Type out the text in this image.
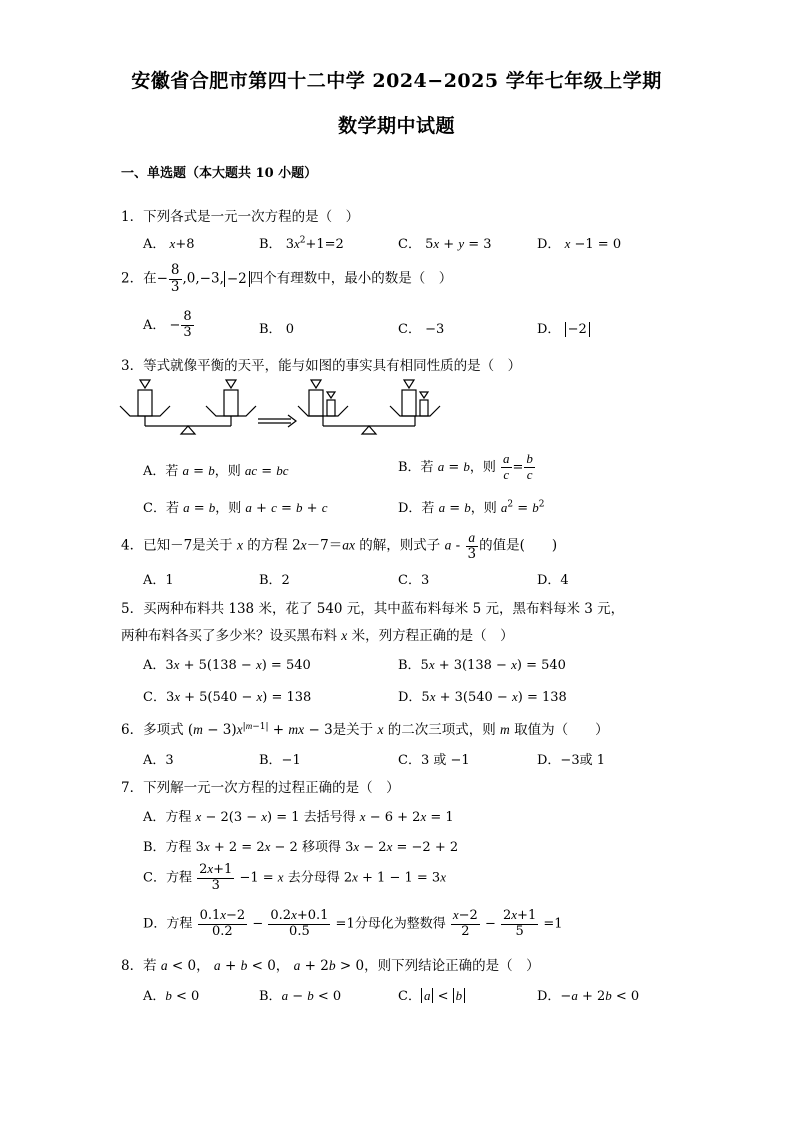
安徽省合肥市第四十二中学 2024−2025 学年七年级上学期
数学期中试题
一、单选题（本大题共 10 小题）
1．下列各式是一元一次方程的是（　）
A． x+8	B． $3x^2+1=2$	C． 5x + y = 3	D． x −1 = 0
2．在− $\frac{8}{3} ,0,-3$, −2 四个有理数中，最小的数是（　）
A． − $\frac{8}{3}$	B． 0	C． −3	D． −2
3．等式就像平衡的天平，能与如图的事实具有相同性质的是（　）
A．若 a = b，则 ac = bc	B．若 a = b，则 $\frac{a}{c} = \frac{b}{c}$
C．若 a = b，则 a + c = b + c	D．若 a = b，则 $a^2 = b^2$
4．已知－7是关于 x 的方程 2x－7＝ax 的解，则式子 a - $\frac{a}{3}$ 的值是(　　)
A．1	B．2	C．3	D．4
5．买两种布料共 138 米，花了 540 元，其中蓝布料每米 5 元，黑布料每米 3 元，
两种布料各买了多少米？设买黑布料 x 米，列方程正确的是（　）
A．3x + 5(138 − x) = 540	B．5x + 3(138 − x) = 540
C．3x + 5(540 − x) = 138	D．5x + 3(540 − x) = 138
6．多项式 $(m - 3)x^{|m-1|}$ + mx − 3是关于 x 的二次三项式，则 m 取值为（　　）
A．3	B．−1	C．3 或 −1	D．−3或 1
7．下列解一元一次方程的过程正确的是（　）
A．方程 x − 2(3 − x) = 1 去括号得 x − 6 + 2x = 1
B．方程 3x + 2 = 2x − 2 移项得 3x − 2x = −2 + 2
C．方程 $\frac{2x+1}{3} -1 = x$ 去分母得 2x + 1 − 1 = 3x
D．方程 $\frac{0.1x-2}{0.2} - \frac{0.2x+0.1}{0.5} =1$分母化为整数得 $\frac{x-2}{2} - \frac{2x+1}{5} =1$
8．若 a < 0， a + b < 0， a + 2b > 0，则下列结论正确的是（　）
A．b < 0	B．a − b < 0	C． a < b	D．−a + 2b < 0
